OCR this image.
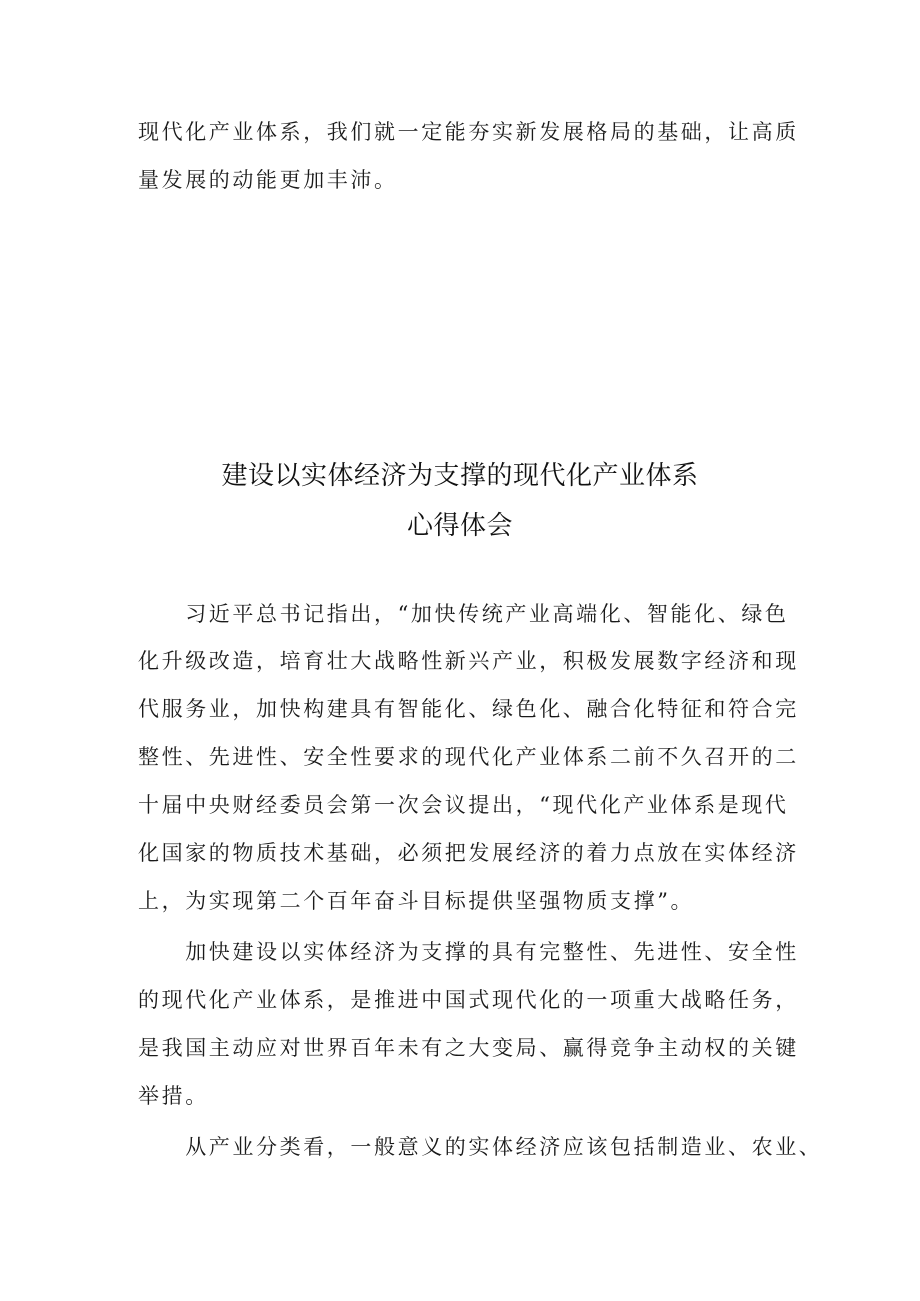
现代化产业体系，我们就一定能夯实新发展格局的基础，让高质
量发展的动能更加丰沛。
建设以实体经济为支撑的现代化产业体系
心得体会
　　习近平总书记指出，“加快传统产业高端化、智能化、绿色
化升级改造，培育壮大战略性新兴产业，积极发展数字经济和现
代服务业，加快构建具有智能化、绿色化、融合化特征和符合完
整性、先进性、安全性要求的现代化产业体系二前不久召开的二
十届中央财经委员会第一次会议提出，“现代化产业体系是现代
化国家的物质技术基础，必须把发展经济的着力点放在实体经济
上，为实现第二个百年奋斗目标提供坚强物质支撑”。
　　加快建设以实体经济为支撑的具有完整性、先进性、安全性
的现代化产业体系，是推进中国式现代化的一项重大战略任务，
是我国主动应对世界百年未有之大变局、赢得竞争主动权的关键
举措。
　　从产业分类看，一般意义的实体经济应该包括制造业、农业、
